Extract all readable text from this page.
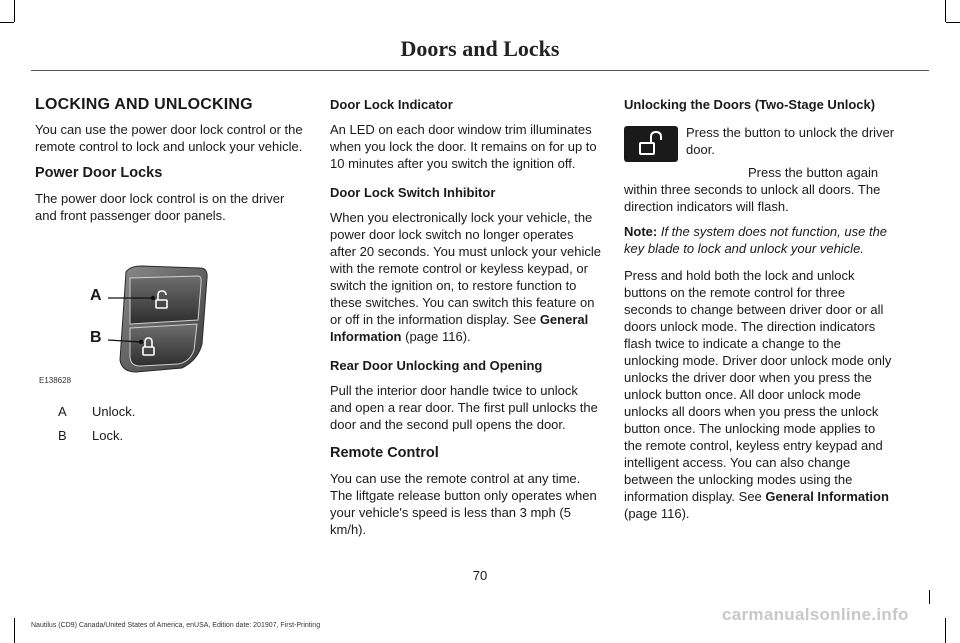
Doors and Locks

LOCKING AND UNLOCKING

You can use the power door lock control or the remote control to lock and unlock your vehicle.

Power Door Locks

The power door lock control is on the driver and front passenger door panels.

A
B
E138628
A Unlock.
B Lock.

Door Lock Indicator

An LED on each door window trim illuminates when you lock the door. It remains on for up to 10 minutes after you switch the ignition off.

Door Lock Switch Inhibitor

When you electronically lock your vehicle, the power door lock switch no longer operates after 20 seconds. You must unlock your vehicle with the remote control or keyless keypad, or switch the ignition on, to restore function to these switches. You can switch this feature on or off in the information display. See General Information (page 116).

Rear Door Unlocking and Opening

Pull the interior door handle twice to unlock and open a rear door. The first pull unlocks the door and the second pull opens the door.

Remote Control

You can use the remote control at any time. The liftgate release button only operates when your vehicle's speed is less than 3 mph (5 km/h).

Unlocking the Doors (Two-Stage Unlock)

Press the button to unlock the driver door.

Press the button again within three seconds to unlock all doors. The direction indicators will flash.

Note: If the system does not function, use the key blade to lock and unlock your vehicle.

Press and hold both the lock and unlock buttons on the remote control for three seconds to change between driver door or all doors unlock mode. The direction indicators flash twice to indicate a change to the unlocking mode. Driver door unlock mode only unlocks the driver door when you press the unlock button once. All door unlock mode unlocks all doors when you press the unlock button once. The unlocking mode applies to the remote control, keyless entry keypad and intelligent access. You can also change between the unlocking modes using the information display. See General Information (page 116).

70
Nautilus (CD9) Canada/United States of America, enUSA, Edition date: 201907, First-Printing
carmanualsonline.info
